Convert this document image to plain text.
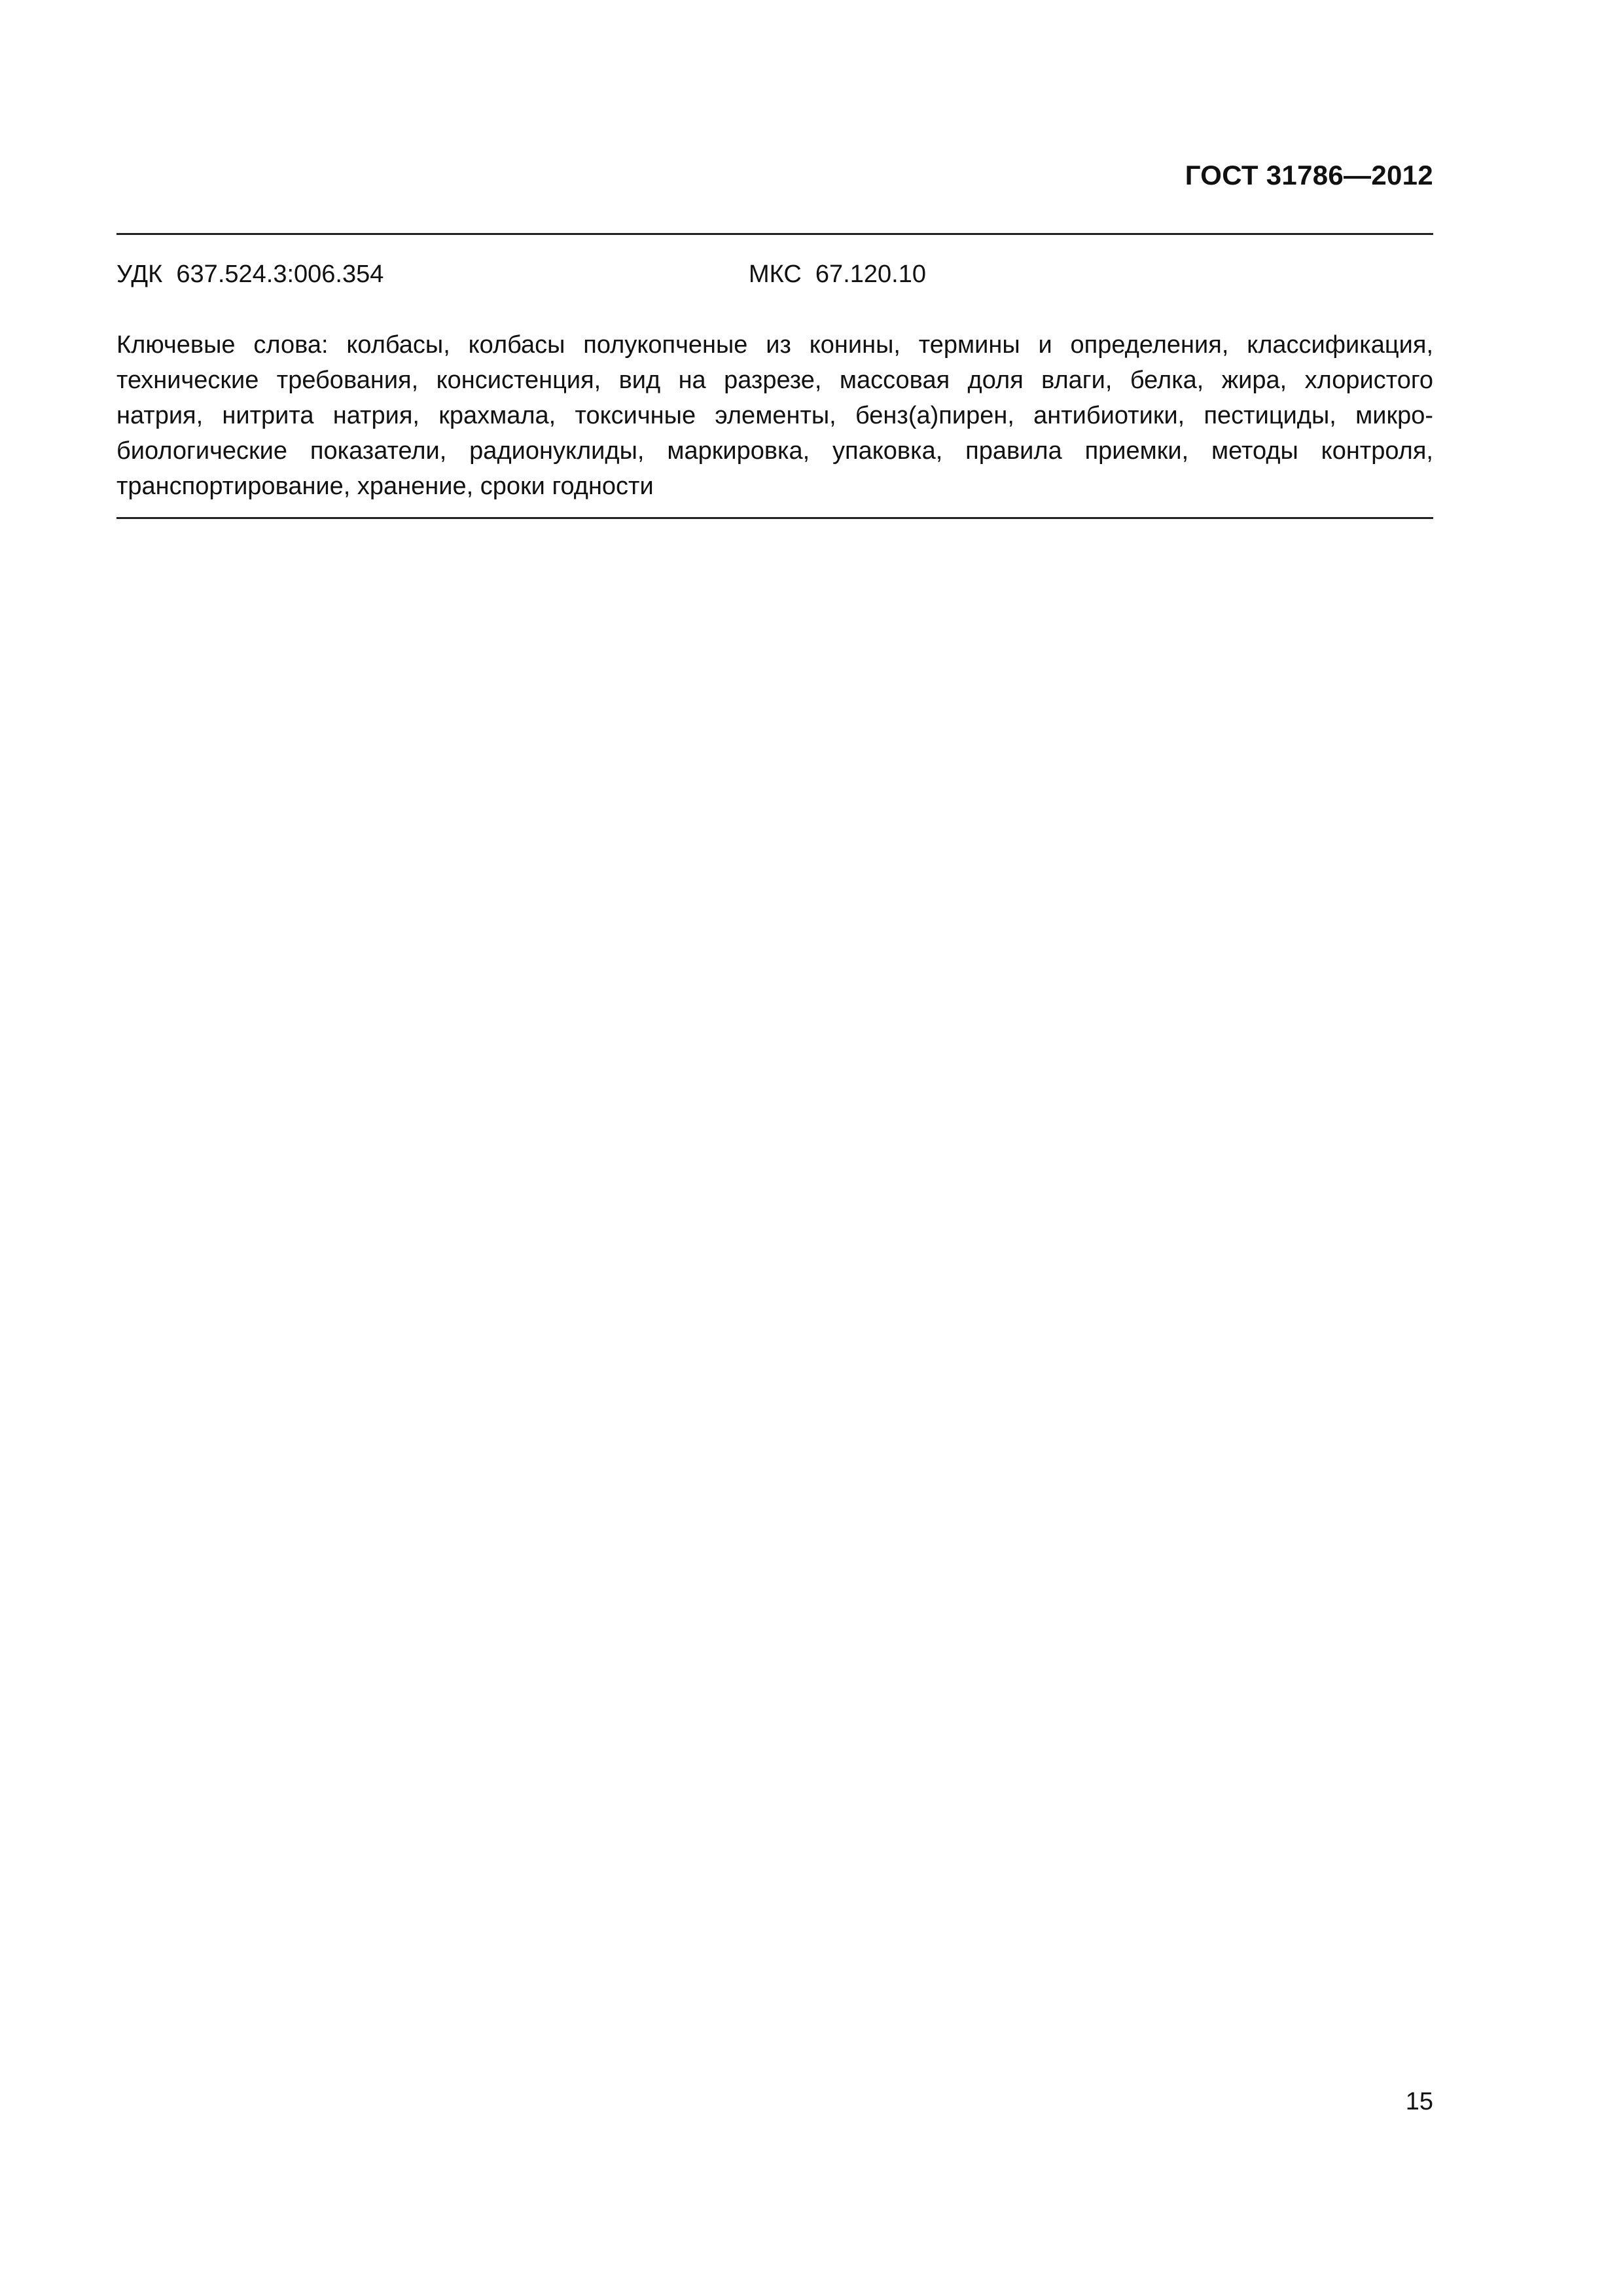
ГОСТ 31786—2012
УДК  637.524.3:006.354	МКС  67.120.10
Ключевые слова: колбасы, колбасы полукопченые из конины, термины и определения, классификация,
технические требования, консистенция, вид на разрезе, массовая доля влаги, белка, жира, хлористого
натрия, нитрита натрия, крахмала, токсичные элементы, бенз(а)пирен, антибиотики, пестициды, микро-
биологические показатели, радионуклиды, маркировка, упаковка, правила приемки, методы контроля,
транспортирование, хранение, сроки годности
15
